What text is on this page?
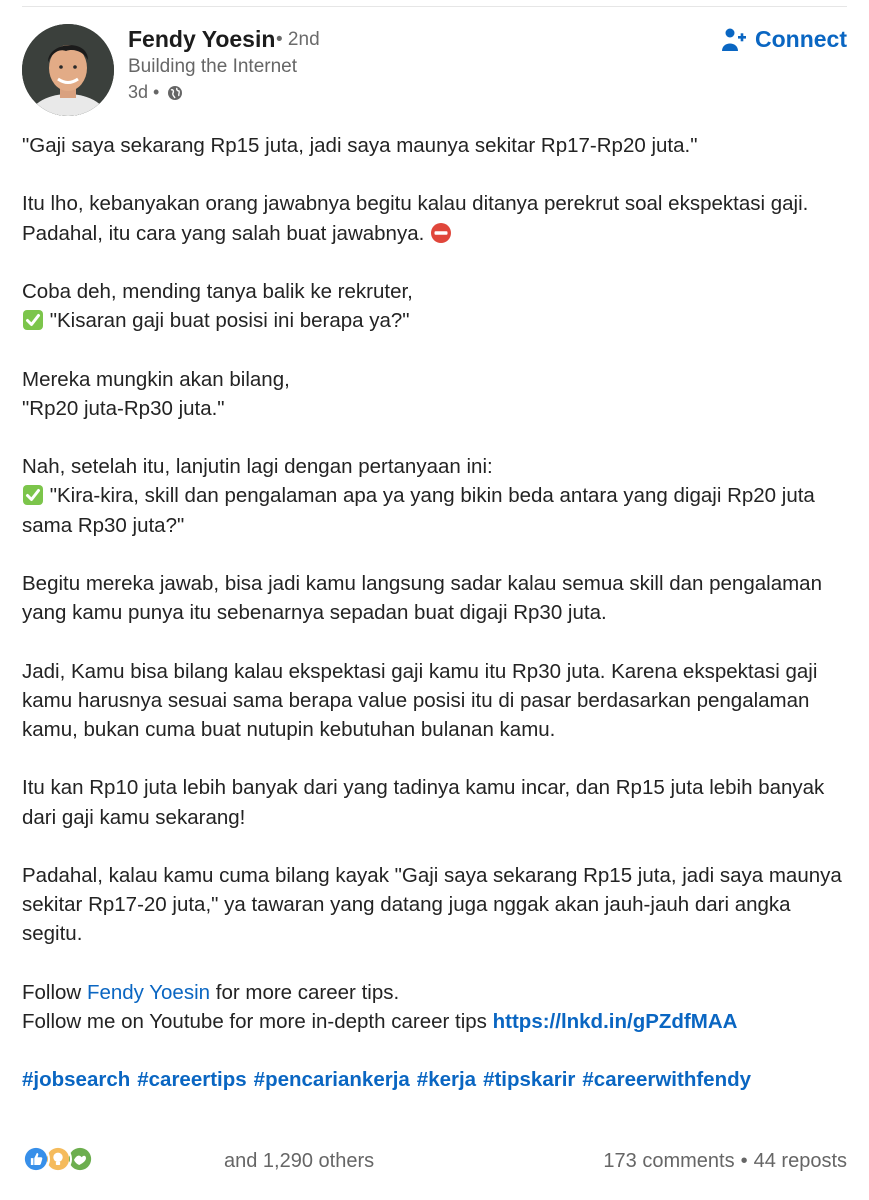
Fendy Yoesin • 2nd
Building the Internet
3d •
Connect

"Gaji saya sekarang Rp15 juta, jadi saya maunya sekitar Rp17-Rp20 juta."

Itu lho, kebanyakan orang jawabnya begitu kalau ditanya perekrut soal ekspektasi gaji. Padahal, itu cara yang salah buat jawabnya.

Coba deh, mending tanya balik ke rekruter,
"Kisaran gaji buat posisi ini berapa ya?"

Mereka mungkin akan bilang,
"Rp20 juta-Rp30 juta."

Nah, setelah itu, lanjutin lagi dengan pertanyaan ini:
"Kira-kira, skill dan pengalaman apa ya yang bikin beda antara yang digaji Rp20 juta sama Rp30 juta?"

Begitu mereka jawab, bisa jadi kamu langsung sadar kalau semua skill dan pengalaman yang kamu punya itu sebenarnya sepadan buat digaji Rp30 juta.

Jadi, Kamu bisa bilang kalau ekspektasi gaji kamu itu Rp30 juta. Karena ekspektasi gaji kamu harusnya sesuai sama berapa value posisi itu di pasar berdasarkan pengalaman kamu, bukan cuma buat nutupin kebutuhan bulanan kamu.

Itu kan Rp10 juta lebih banyak dari yang tadinya kamu incar, dan Rp15 juta lebih banyak dari gaji kamu sekarang!

Padahal, kalau kamu cuma bilang kayak "Gaji saya sekarang Rp15 juta, jadi saya maunya sekitar Rp17-20 juta," ya tawaran yang datang juga nggak akan jauh-jauh dari angka segitu.

Follow Fendy Yoesin for more career tips.
Follow me on Youtube for more in-depth career tips https://lnkd.in/gPZdfMAA

#jobsearch #careertips #pencariankerja #kerja #tipskarir #careerwithfendy

and 1,290 others	173 comments • 44 reposts
